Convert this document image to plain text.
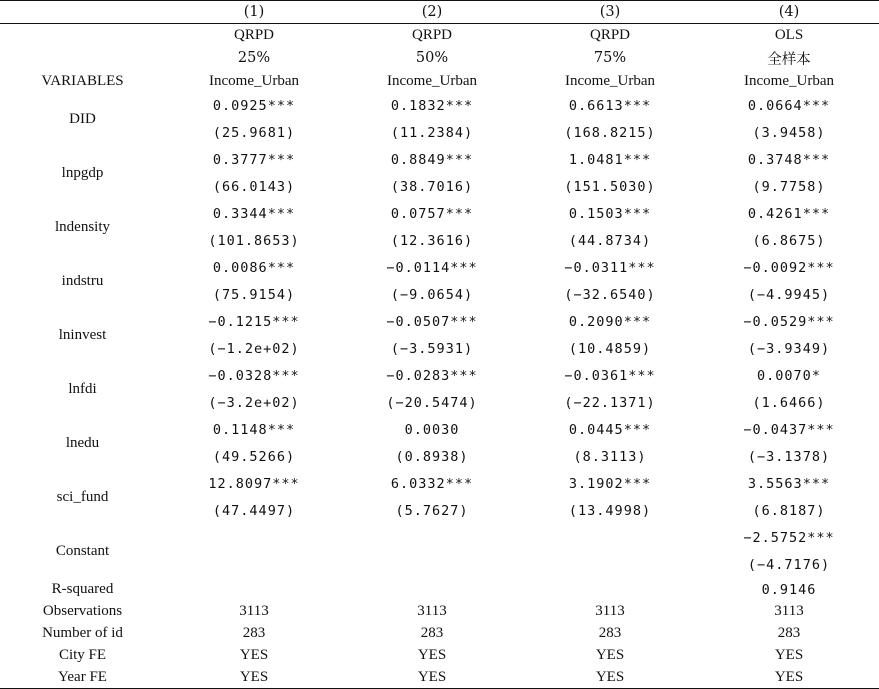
	(1)	(2)	(3)	(4)
	QRPD	QRPD	QRPD	OLS
	25%	50%	75%	全样本
VARIABLES	Income_Urban	Income_Urban	Income_Urban	Income_Urban
DID	0.0925***	0.1832***	0.6613***	0.0664***
	(25.9681)	(11.2384)	(168.8215)	(3.9458)
lnpgdp	0.3777***	0.8849***	1.0481***	0.3748***
	(66.0143)	(38.7016)	(151.5030)	(9.7758)
lndensity	0.3344***	0.0757***	0.1503***	0.4261***
	(101.8653)	(12.3616)	(44.8734)	(6.8675)
indstru	0.0086***	−0.0114***	−0.0311***	−0.0092***
	(75.9154)	(−9.0654)	(−32.6540)	(−4.9945)
lninvest	−0.1215***	−0.0507***	0.2090***	−0.0529***
	(−1.2e+02)	(−3.5931)	(10.4859)	(−3.9349)
lnfdi	−0.0328***	−0.0283***	−0.0361***	0.0070*
	(−3.2e+02)	(−20.5474)	(−22.1371)	(1.6466)
lnedu	0.1148***	0.0030	0.0445***	−0.0437***
	(49.5266)	(0.8938)	(8.3113)	(−3.1378)
sci_fund	12.8097***	6.0332***	3.1902***	3.5563***
	(47.4497)	(5.7627)	(13.4998)	(6.8187)
Constant				−2.5752***
				(−4.7176)
R-squared				0.9146
Observations	3113	3113	3113	3113
Number of id	283	283	283	283
City FE	YES	YES	YES	YES
Year FE	YES	YES	YES	YES
